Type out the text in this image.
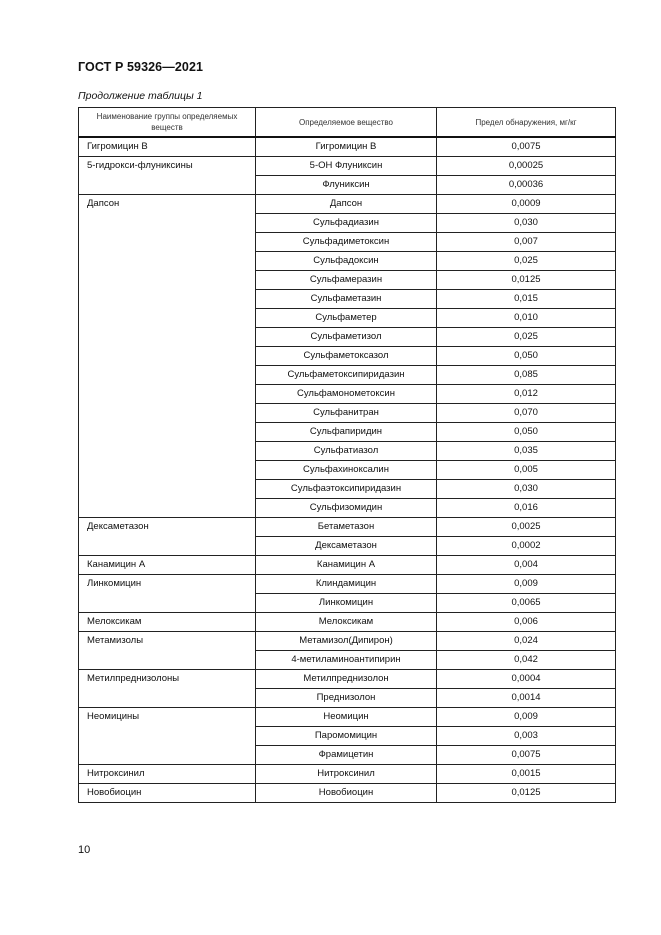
ГОСТ Р 59326—2021
Продолжение таблицы 1
Наименование группы определяемых веществ	Определяемое вещество	Предел обнаружения, мг/кг
Гигромицин В	Гигромицин В	0,0075
5-гидрокси-флуниксины	5-ОН Флуниксин	0,00025
	Флуниксин	0,00036
Дапсон	Дапсон	0,0009
	Сульфадиазин	0,030
	Сульфадиметоксин	0,007
	Сульфадоксин	0,025
	Сульфамеразин	0,0125
	Сульфаметазин	0,015
	Сульфаметер	0,010
	Сульфаметизол	0,025
	Сульфаметоксазол	0,050
	Сульфаметоксипиридазин	0,085
	Сульфамонометоксин	0,012
	Сульфанитран	0,070
	Сульфапиридин	0,050
	Сульфатиазол	0,035
	Сульфахиноксалин	0,005
	Сульфаэтоксипиридазин	0,030
	Сульфизомидин	0,016
Дексаметазон	Бетаметазон	0,0025
	Дексаметазон	0,0002
Канамицин А	Канамицин А	0,004
Линкомицин	Клиндамицин	0,009
	Линкомицин	0,0065
Мелоксикам	Мелоксикам	0,006
Метамизолы	Метамизол(Дипирон)	0,024
	4-метиламиноантипирин	0,042
Метилпреднизолоны	Метилпреднизолон	0,0004
	Преднизолон	0,0014
Неомицины	Неомицин	0,009
	Паромомицин	0,003
	Фрамицетин	0,0075
Нитроксинил	Нитроксинил	0,0015
Новобиоцин	Новобиоцин	0,0125
10
